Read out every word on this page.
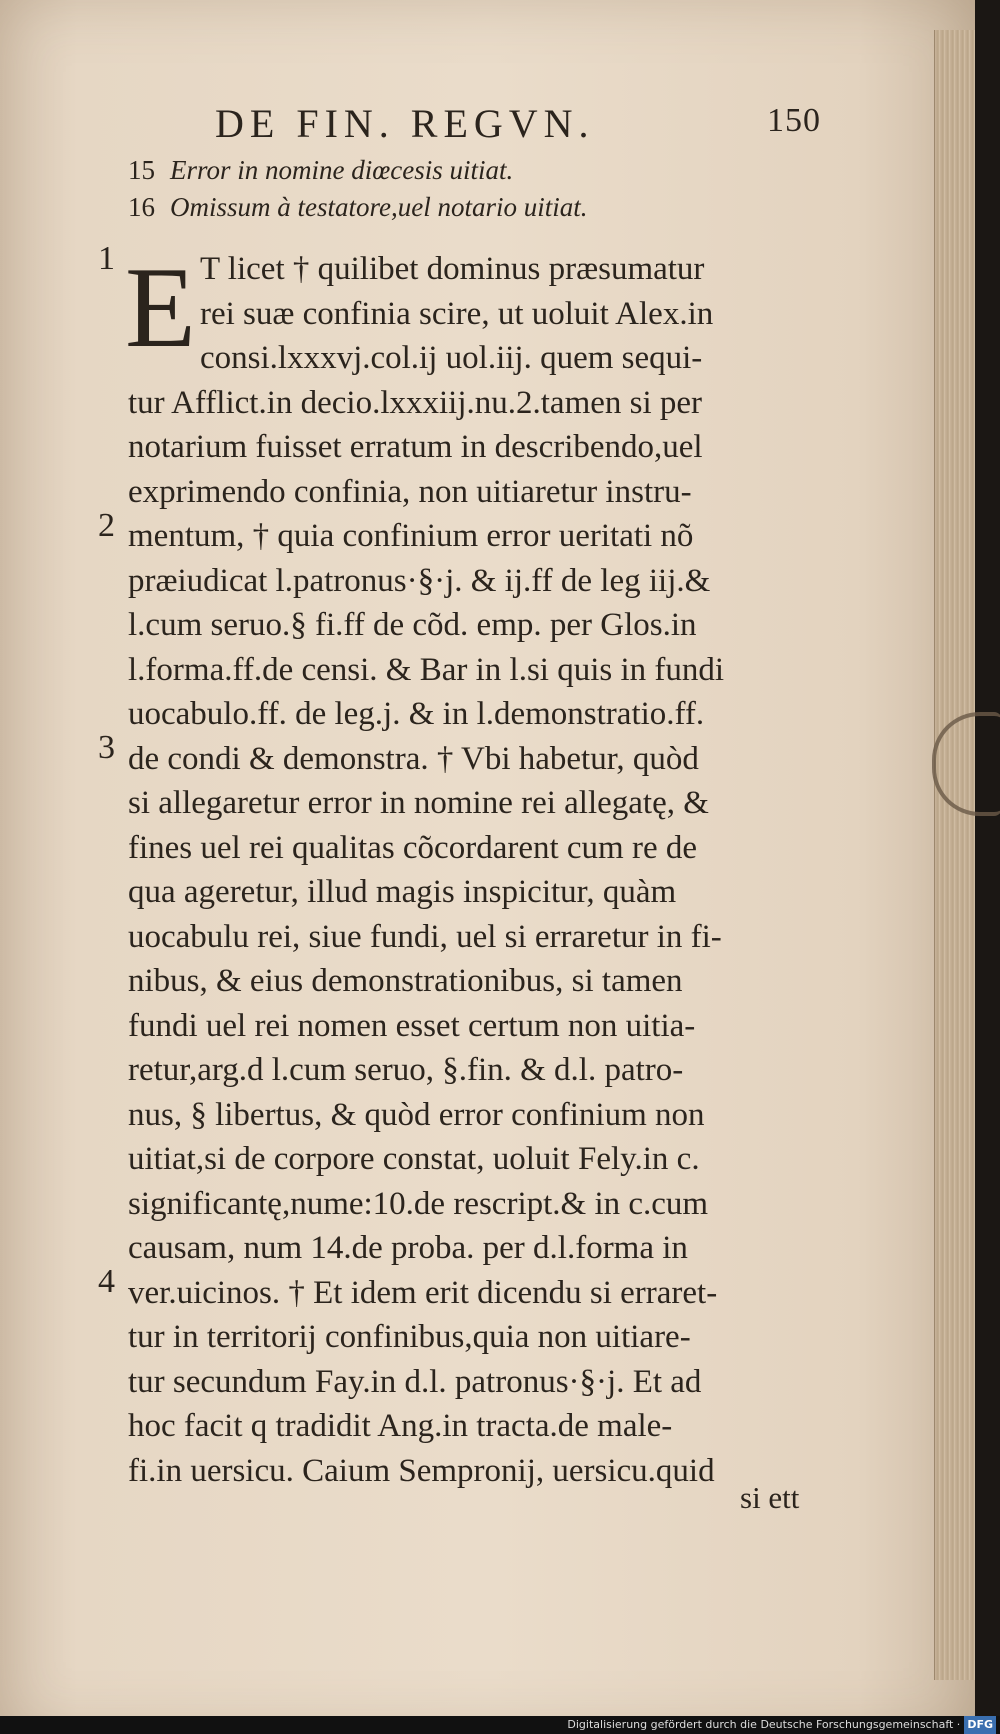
DE FIN. REGVN.	150
15 Error in nomine diœcesis uitiat.
16 Omissum à testatore,uel notario uitiat.
1
2
3
4
E T licet † quilibet dominus præsumatur
rei suæ confinia scire, ut uoluit Alex.in
consi.lxxxvj.col.ij uol.iij. quem sequi-
tur Afflict.in decio.lxxxiij.nu.2.tamen si per
notarium fuisset erratum in describendo,uel
exprimendo confinia, non uitiaretur instru-
mentum, † quia confinium error ueritati nõ
præiudicat l.patronus·§·j. & ij.ff de leg iij.&
l.cum seruo.§ fi.ff de cõd. emp. per Glos.in
l.forma.ff.de censi. & Bar in l.si quis in fundi
uocabulo.ff. de leg.j. & in l.demonstratio.ff.
de condi & demonstra. † Vbi habetur, quòd
si allegaretur error in nomine rei allegatę, &
fines uel rei qualitas cõcordarent cum re de
qua ageretur, illud magis inspicitur, quàm
uocabulu rei, siue fundi, uel si erraretur in fi-
nibus, & eius demonstrationibus, si tamen
fundi uel rei nomen esset certum non uitia-
retur,arg.d l.cum seruo, §.fin. & d.l. patro-
nus, § libertus, & quòd error confinium non
uitiat,si de corpore constat, uoluit Fely.in c.
significantę,nume:10.de rescript.& in c.cum
causam, num 14.de proba. per d.l.forma in
ver.uicinos. † Et idem erit dicendu si erraret-
tur in territorij confinibus,quia non uitiare-
tur secundum Fay.in d.l. patronus·§·j. Et ad
hoc facit q tradidit Ang.in tracta.de male-
fi.in uersicu. Caium Sempronij, uersicu.quid
si ett
Digitalisierung gefördert durch die Deutsche Forschungsgemeinschaft · DFG
